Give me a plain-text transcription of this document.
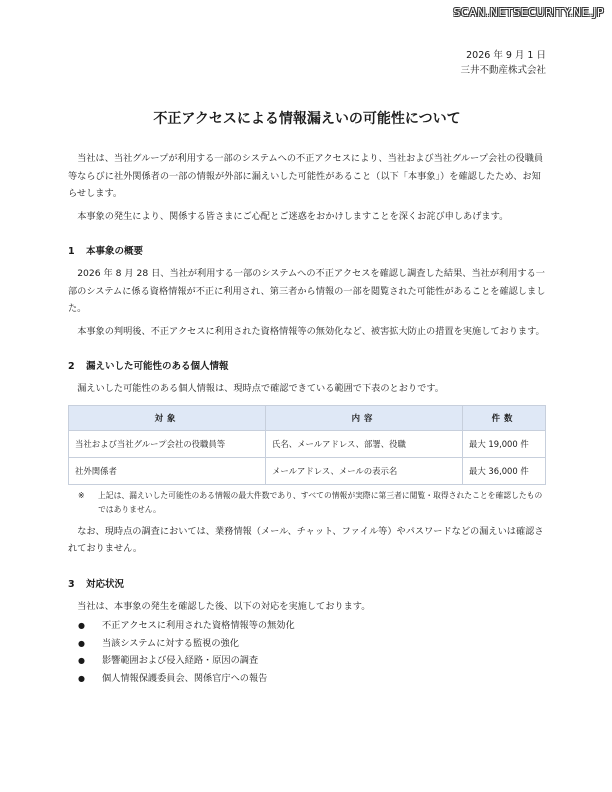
SCAN.NETSECURITY.NE.JP
2026 年 9 月 1 日
三井不動産株式会社
不正アクセスによる情報漏えいの可能性について

当社は、当社グループが利用する一部のシステムへの不正アクセスにより、当社および当社グループ会社の役職員等ならびに社外関係者の一部の情報が外部に漏えいした可能性があること（以下「本事象」）を確認したため、お知らせします。

本事象の発生により、関係する皆さまにご心配とご迷惑をおかけしますことを深くお詫び申しあげます。

1 本事象の概要

2026 年 8 月 28 日、当社が利用する一部のシステムへの不正アクセスを確認し調査した結果、当社が利用する一部のシステムに係る資格情報が不正に利用され、第三者から情報の一部を閲覧された可能性があることを確認しました。

本事象の判明後、不正アクセスに利用された資格情報等の無効化など、被害拡大防止の措置を実施しております。

2 漏えいした可能性のある個人情報

漏えいした可能性のある個人情報は、現時点で確認できている範囲で下表のとおりです。

対象	内容	件数
当社および当社グループ会社の役職員等	氏名、メールアドレス、部署、役職	最大 19,000 件
社外関係者	メールアドレス、メールの表示名	最大 36,000 件
※	上記は、漏えいした可能性のある情報の最大件数であり、すべての情報が実際に第三者に閲覧・取得されたことを確認したものではありません。

なお、現時点の調査においては、業務情報（メール、チャット、ファイル等）やパスワードなどの漏えいは確認されておりません。

3 対応状況

当社は、本事象の発生を確認した後、以下の対応を実施しております。

●	不正アクセスに利用された資格情報等の無効化
●	当該システムに対する監視の強化
●	影響範囲および侵入経路・原因の調査
●	個人情報保護委員会、関係官庁への報告
